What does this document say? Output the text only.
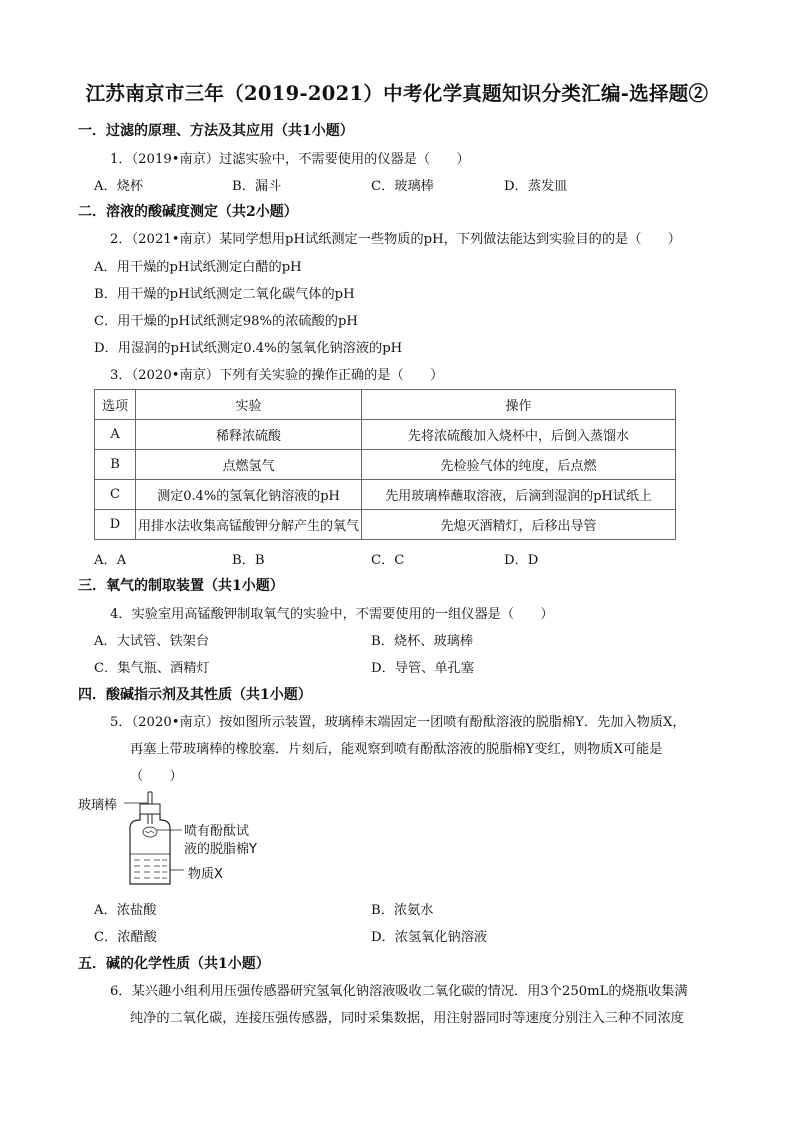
江苏南京市三年（2019-2021）中考化学真题知识分类汇编-选择题②
一．过滤的原理、方法及其应用（共1小题）
1．（2019•南京）过滤实验中，不需要使用的仪器是（　　）
A．烧杯	B．漏斗	C．玻璃棒	D．蒸发皿
二．溶液的酸碱度测定（共2小题）
2．（2021•南京）某同学想用pH试纸测定一些物质的pH，下列做法能达到实验目的的是（　　）
A．用干燥的pH试纸测定白醋的pH
B．用干燥的pH试纸测定二氧化碳气体的pH
C．用干燥的pH试纸测定98%的浓硫酸的pH
D．用湿润的pH试纸测定0.4%的氢氧化钠溶液的pH
3．（2020•南京）下列有关实验的操作正确的是（　　）
选项	实验	操作
A	稀释浓硫酸	先将浓硫酸加入烧杯中，后倒入蒸馏水
B	点燃氢气	先检验气体的纯度，后点燃
C	测定0.4%的氢氧化钠溶液的pH	先用玻璃棒蘸取溶液，后滴到湿润的pH试纸上
D	用排水法收集高锰酸钾分解产生的氧气	先熄灭酒精灯，后移出导管
A．A	B．B	C．C	D．D
三．氧气的制取装置（共1小题）
4．实验室用高锰酸钾制取氧气的实验中，不需要使用的一组仪器是（　　）
A．大试管、铁架台	B．烧杯、玻璃棒
C．集气瓶、酒精灯	D．导管、单孔塞
四．酸碱指示剂及其性质（共1小题）
5．（2020•南京）按如图所示装置，玻璃棒末端固定一团喷有酚酞溶液的脱脂棉Y．先加入物质X，
再塞上带玻璃棒的橡胶塞．片刻后，能观察到喷有酚酞溶液的脱脂棉Y变红，则物质X可能是
（　　）
玻璃棒
喷有酚酞试
液的脱脂棉Y
物质X
A．浓盐酸	B．浓氨水
C．浓醋酸	D．浓氢氧化钠溶液
五．碱的化学性质（共1小题）
6．某兴趣小组利用压强传感器研究氢氧化钠溶液吸收二氧化碳的情况．用3个250mL的烧瓶收集满
纯净的二氧化碳，连接压强传感器，同时采集数据，用注射器同时等速度分别注入三种不同浓度
